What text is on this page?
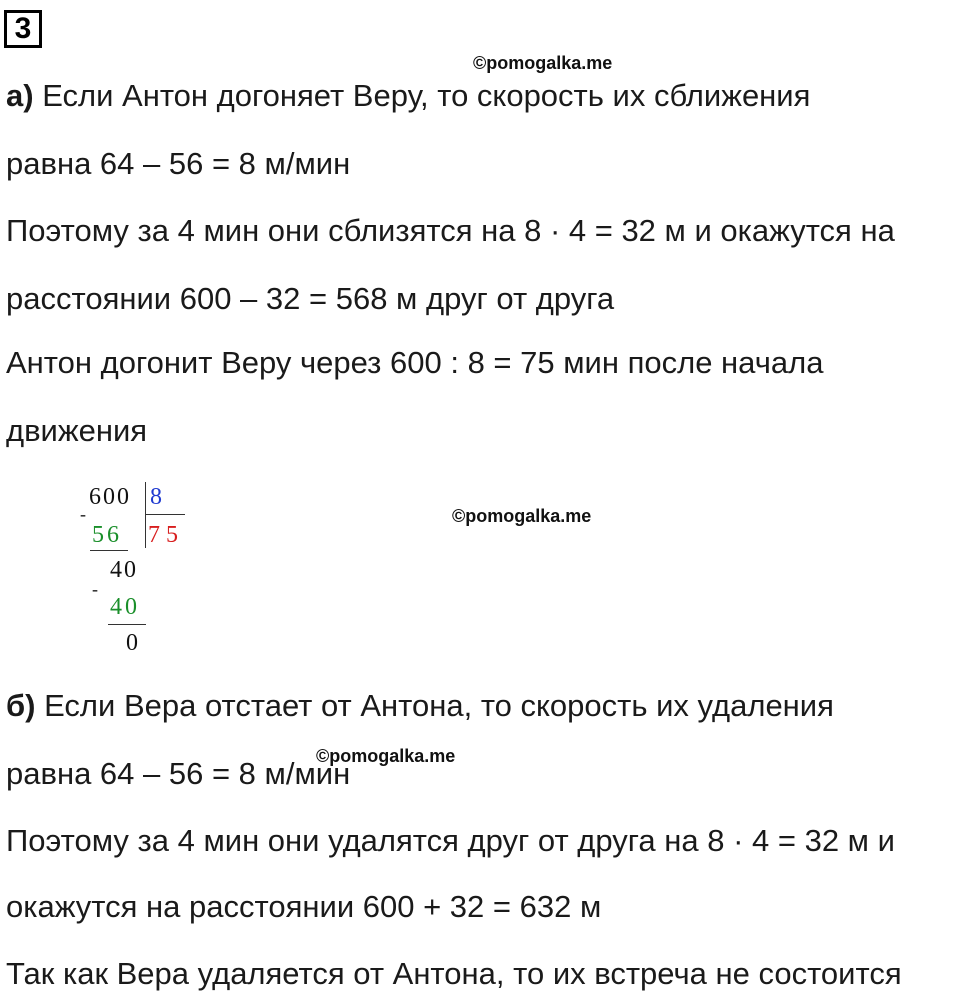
3
©pomogalka.me
а) Если Антон догоняет Веру, то скорость их сближения
равна 64 – 56 = 8 м/мин
Поэтому за 4 мин они сблизятся на 8 · 4 = 32 м и окажутся на
расстоянии 600 – 32 = 568 м друг от друга
Антон догонит Веру через 600 : 8 = 75 мин после начала
движения
600 8
-
56 75
40
-
40
0
©pomogalka.me
б) Если Вера отстает от Антона, то скорость их удаления
равна 64 – 56 = 8 м/мин
©pomogalka.me
Поэтому за 4 мин они удалятся друг от друга на 8 · 4 = 32 м и
окажутся на расстоянии 600 + 32 = 632 м
Так как Вера удаляется от Антона, то их встреча не состоится
